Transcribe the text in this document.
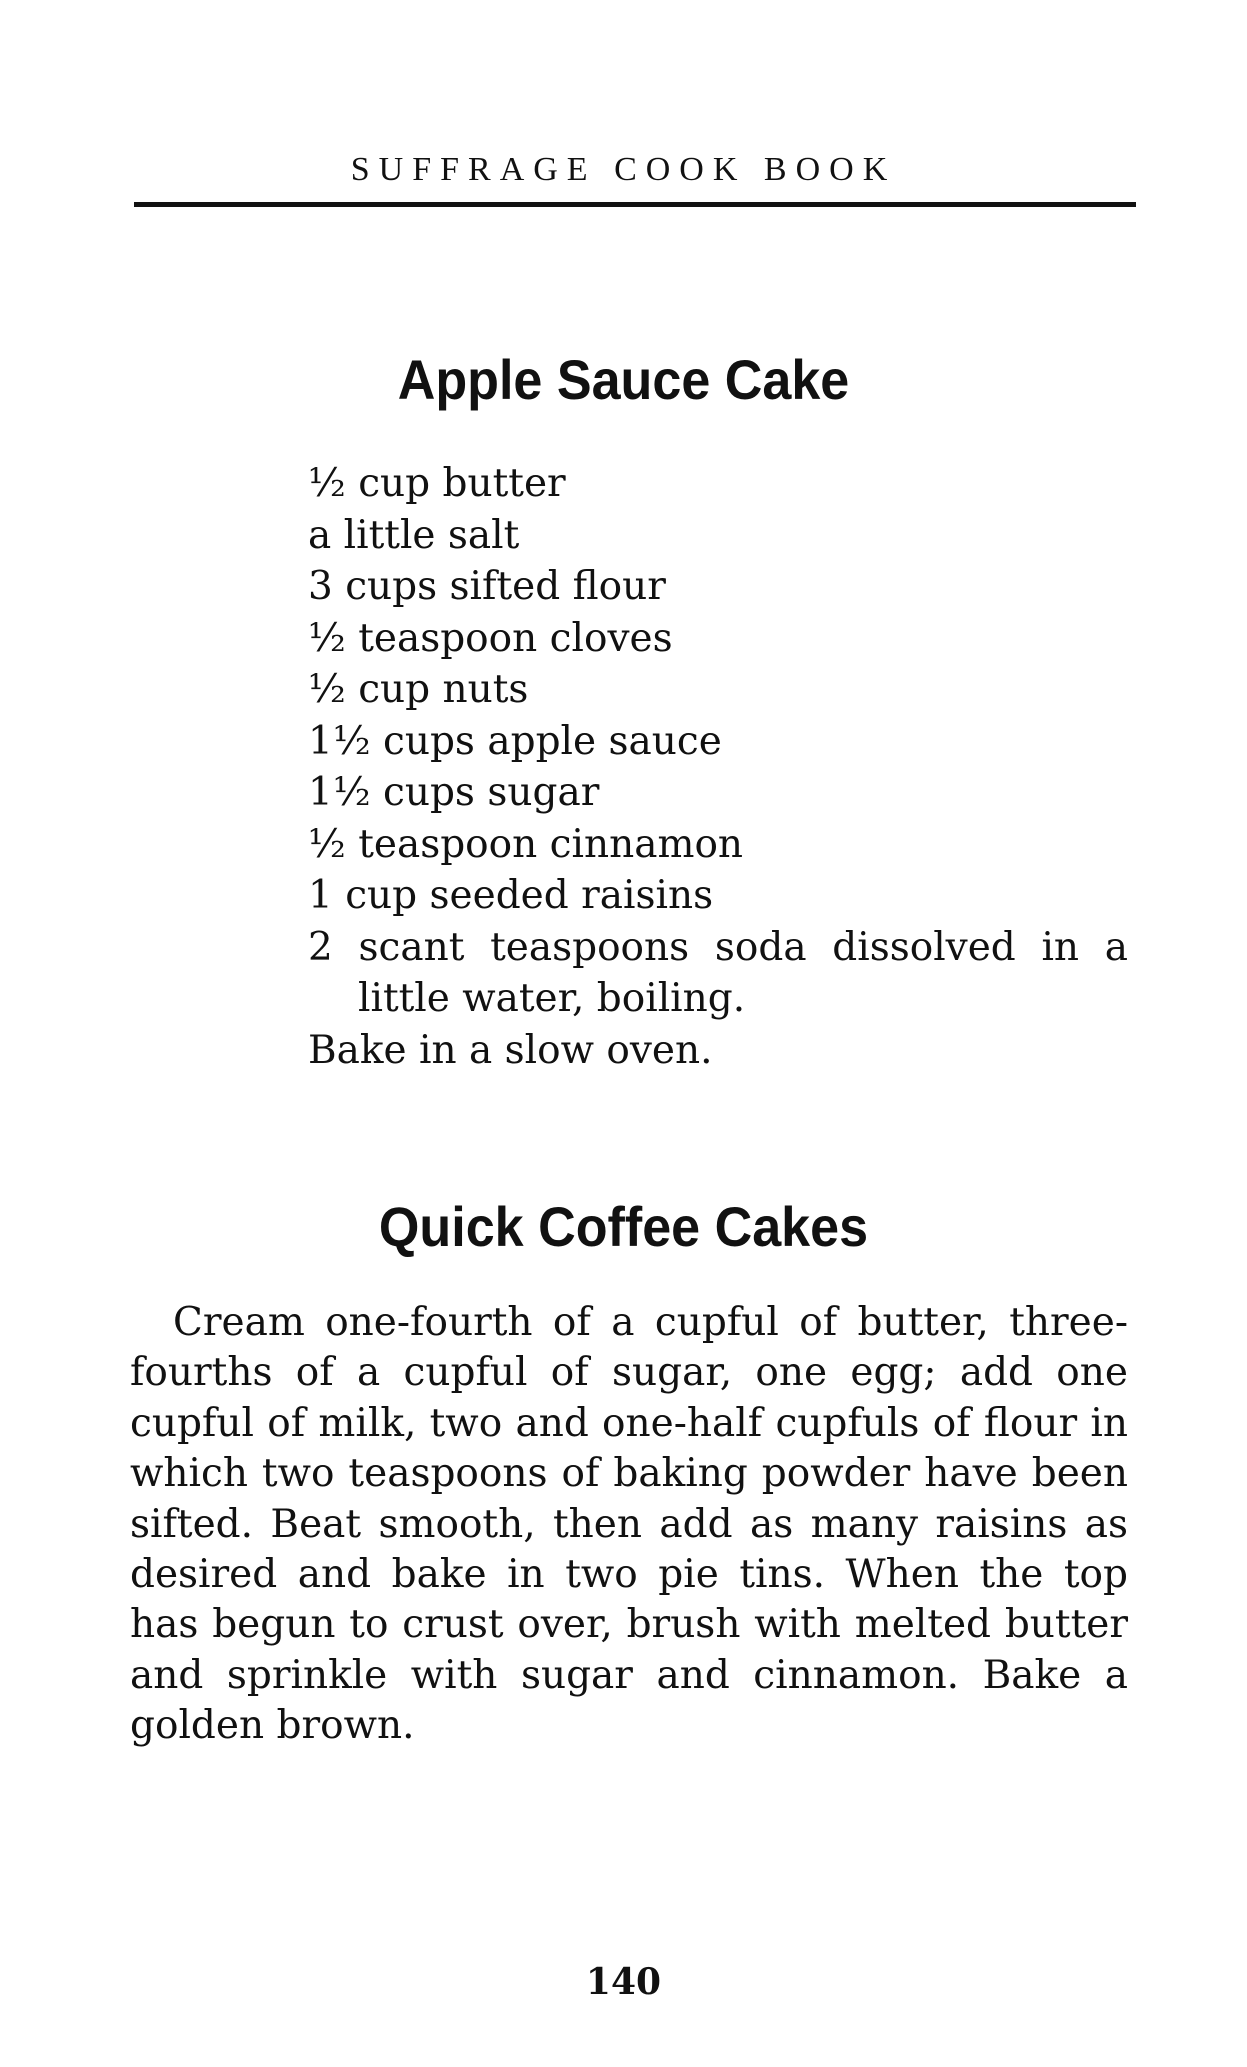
SUFFRAGE COOK BOOK
Apple Sauce Cake
½ cup butter
a little salt
3 cups sifted flour
½ teaspoon cloves
½ cup nuts
1½ cups apple sauce
1½ cups sugar
½ teaspoon cinnamon
1 cup seeded raisins
2 scant teaspoons soda dissolved in a little water, boiling.
Bake in a slow oven.
Quick Coffee Cakes
Cream one-fourth of a cupful of butter, threefourths of a cupful of sugar, one egg; add one cupful of milk, two and one-half cupfuls of flour in which two teaspoons of baking powder have been sifted. Beat smooth, then add as many raisins as desired and bake in two pie tins. When the top has begun to crust over, brush with melted butter and sprinkle with sugar and cinnamon. Bake a golden brown.
140
